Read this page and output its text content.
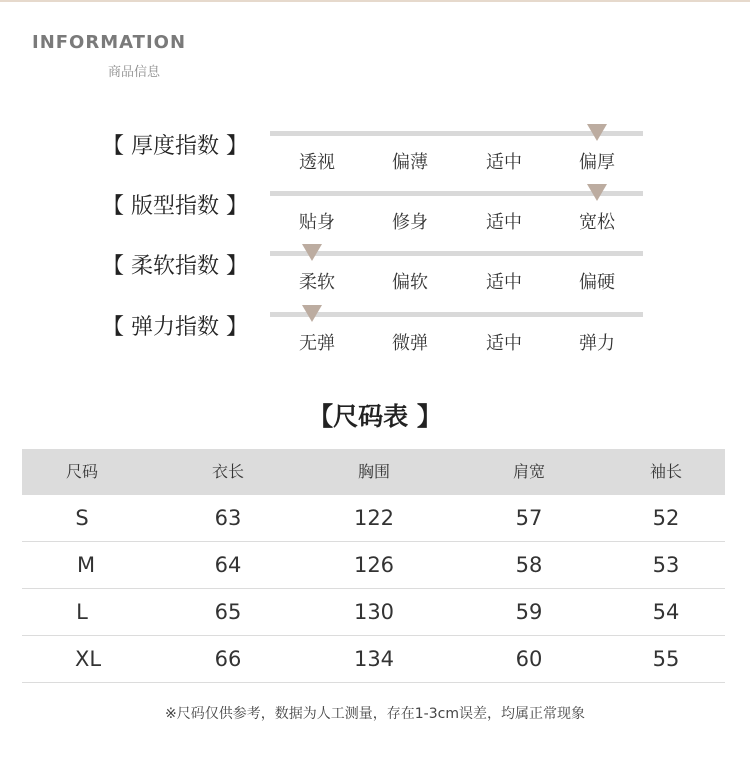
INFORMATION
商品信息
【 厚度指数 】
透视	偏薄	适中	偏厚
【 版型指数 】
贴身	修身	适中	宽松
【 柔软指数 】
柔软	偏软	适中	偏硬
【 弹力指数 】
无弹	微弹	适中	弹力
【尺码表 】
尺码	衣长	胸围	肩宽	袖长
S	63	122	57	52
M	64	126	58	53
L	65	130	59	54
XL	66	134	60	55
※尺码仅供参考，数据为人工测量，存在1-3cm误差，均属正常现象
